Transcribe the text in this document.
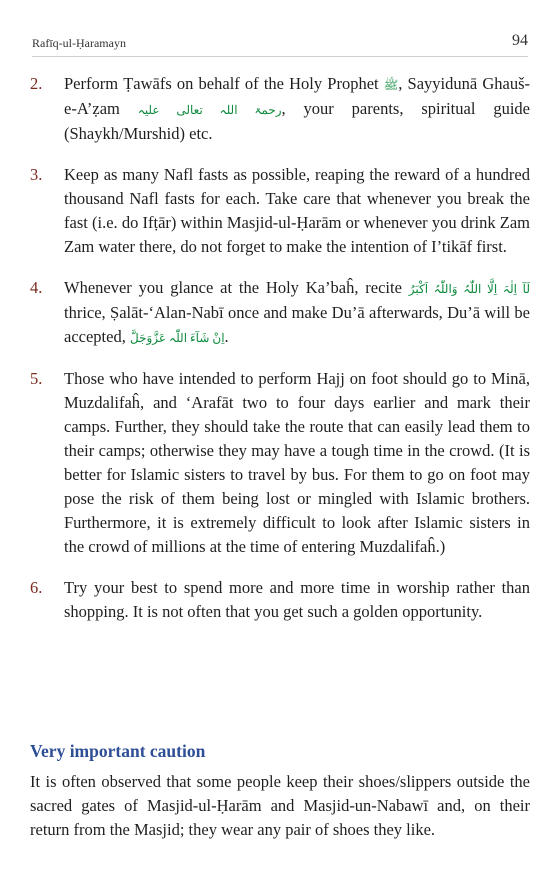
Rafīq-ul-Ḥaramayn	94
2. Perform Ṭawāfs on behalf of the Holy Prophet ﷺ, Sayyidunā Ghauš-e-A’ẓam رحمۃ اللہ تعالی علیہ, your parents, spiritual guide (Shaykh/Murshid) etc.
3. Keep as many Nafl fasts as possible, reaping the reward of a hundred thousand Nafl fasts for each. Take care that whenever you break the fast (i.e. do Ifṭār) within Masjid-ul-Ḥarām or whenever you drink Zam Zam water there, do not forget to make the intention of I’tikāf first.
4. Whenever you glance at the Holy Ka’baĥ, recite لَآ اِلٰہَ اِلَّا اللّٰہُ وَاللّٰہُ اَکْبَرُ thrice, Ṣalāt-‘Alan-Nabī once and make Du’ā afterwards, Du’ā will be accepted, اِنْ شَآءَ اللّٰہ عَزَّوَجَلَّ.
5. Those who have intended to perform Hajj on foot should go to Minā, Muzdalifaĥ, and ‘Arafāt two to four days earlier and mark their camps. Further, they should take the route that can easily lead them to their camps; otherwise they may have a tough time in the crowd. (It is better for Islamic sisters to travel by bus. For them to go on foot may pose the risk of them being lost or mingled with Islamic brothers. Furthermore, it is extremely difficult to look after Islamic sisters in the crowd of millions at the time of entering Muzdalifaĥ.)
6. Try your best to spend more and more time in worship rather than shopping. It is not often that you get such a golden opportunity.
Very important caution
It is often observed that some people keep their shoes/slippers outside the sacred gates of Masjid-ul-Ḥarām and Masjid-un-Nabawī and, on their return from the Masjid; they wear any pair of shoes they like.
